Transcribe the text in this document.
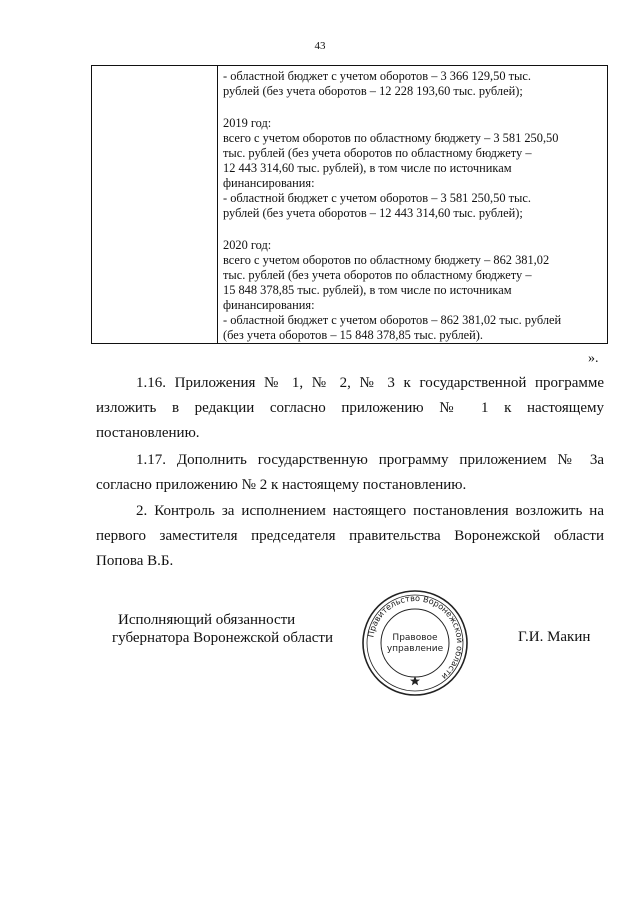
43

- областной бюджет с учетом оборотов – 3 366 129,50 тыс.

рублей (без учета оборотов – 12 228 193,60 тыс. рублей);

2019 год:

всего с учетом оборотов по областному бюджету – 3 581 250,50

тыс. рублей (без учета оборотов по областному бюджету –

12 443 314,60 тыс. рублей), в том числе по источникам

финансирования:

- областной бюджет с учетом оборотов – 3 581 250,50 тыс.

рублей (без учета оборотов – 12 443 314,60 тыс. рублей);

2020 год:

всего с учетом оборотов по областному бюджету – 862 381,02

тыс. рублей (без учета оборотов по областному бюджету –

15 848 378,85 тыс. рублей), в том числе по источникам

финансирования:

- областной бюджет с учетом оборотов – 862 381,02 тыс. рублей

(без учета оборотов – 15 848 378,85 тыс. рублей).

».

1.16. Приложения № 1, № 2, № 3 к государственной программе изложить в редакции согласно приложению № 1 к настоящему постановлению.

1.17. Дополнить государственную программу приложением № 3а согласно приложению № 2 к настоящему постановлению.

2. Контроль за исполнением настоящего постановления возложить на первого заместителя председателя правительства Воронежской области Попова В.Б.

Исполняющий обязанности
губернатора Воронежской области	Правительство Воронежской области
Правовое
управление
Г.И. Макин
